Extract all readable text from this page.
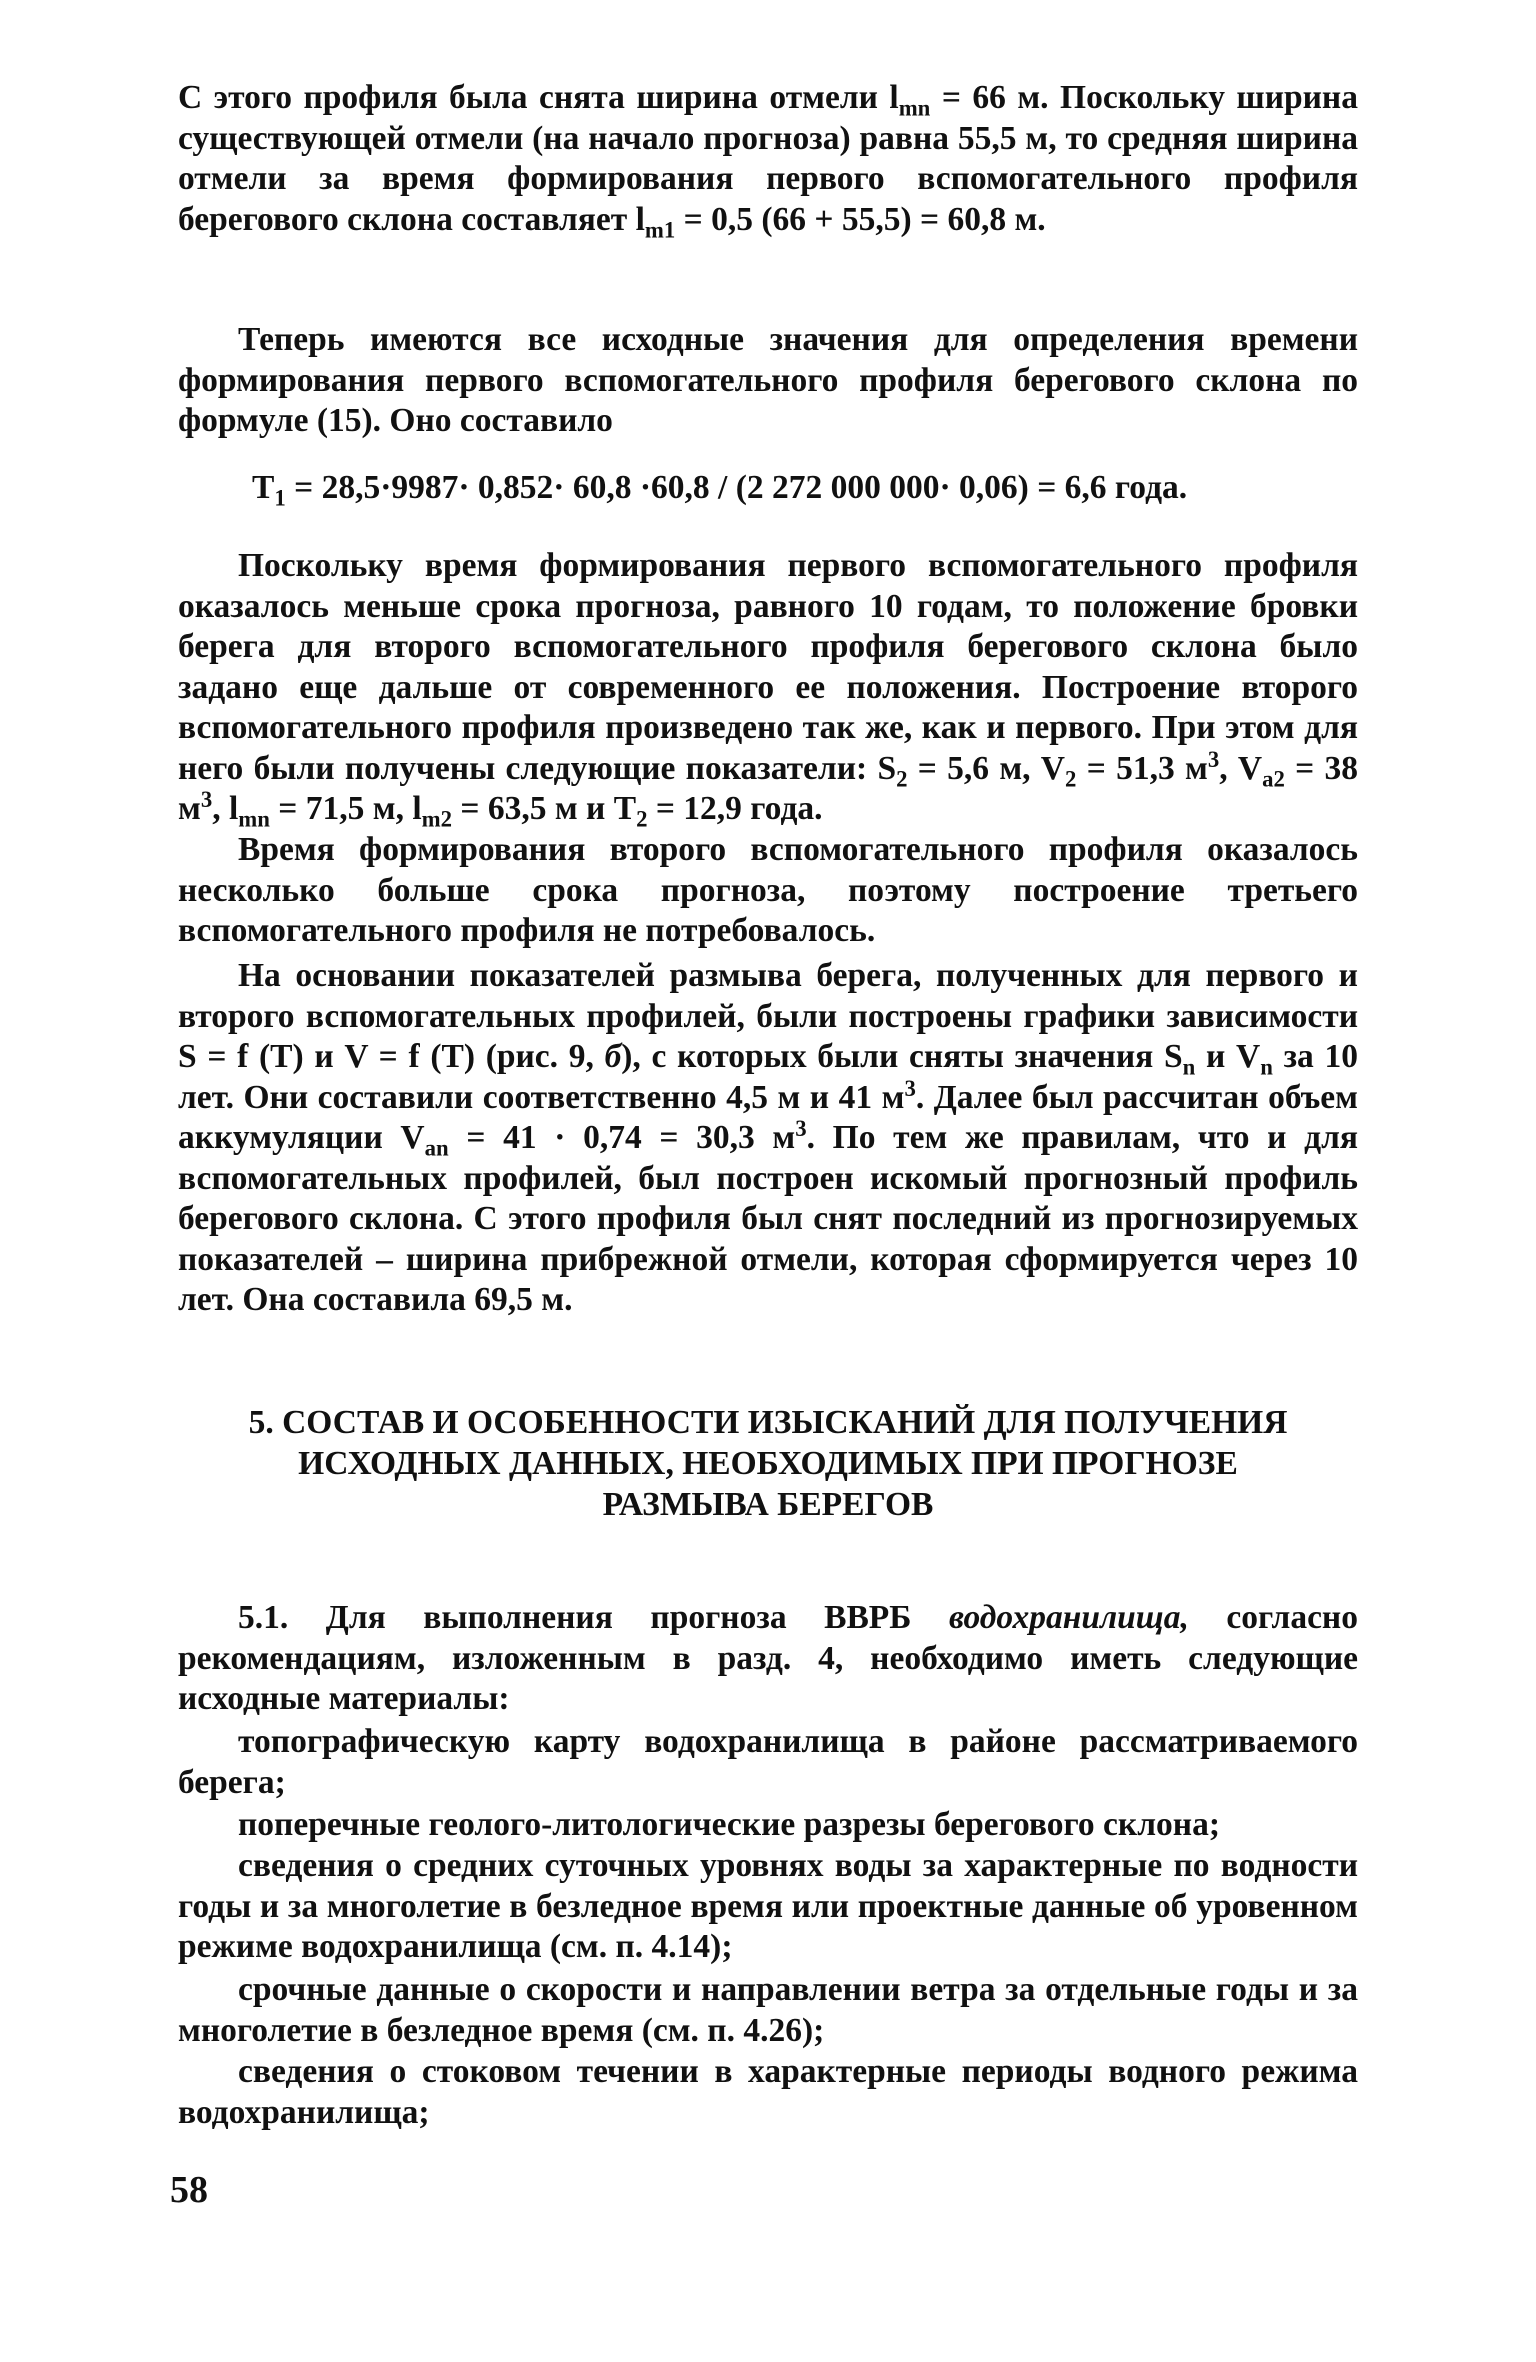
С этого профиля была снята ширина отмели $l_{mn} = 66$ м. Поскольку ширина существующей отмели (на начало прогноза) равна 55,5 м, то средняя ширина отмели за время формирования первого вспомогательного профиля берегового склона составляет $l_{m1} = 0,5$ (66 + 55,5) = 60,8 м.

Теперь имеются все исходные значения для определения времени формирования первого вспомогательного профиля берегового склона по формуле (15). Оно составило

$T_1 = 28,5\cdot 9987\cdot 0,852\cdot 60,8 \cdot 60,8 / (2$ 272 000 000· 0,06) = 6,6 года.

Поскольку время формирования первого вспомогательного профиля оказалось меньше срока прогноза, равного 10 годам, то положение бровки берега для второго вспомогательного профиля берегового склона было задано еще дальше от современного ее положения. Построение второго вспомогательного профиля произведено так же, как и первого. При этом для него были получены следующие показатели: $S_2 = 5,6$ м, $V_2 = 51,3$ $м^3$, $V_{a2} = 38$ $м^3$, $l_{mn} = 71,5$ м, $l_{m2} = 63,5$ м и $T_2 = 12,9$ года.

Время формирования второго вспомогательного профиля оказалось несколько больше срока прогноза, поэтому построение третьего вспомогательного профиля не потребовалось.

На основании показателей размыва берега, полученных для первого и второго вспомогательных профилей, были построены графики зависимости S = f (T) и V = f (T) (рис. 9, б), с которых были сняты значения $S_n$ и $V_n$ за 10 лет. Они составили соответственно 4,5 м и 41 $м^3$. Далее был рассчитан объем аккумуляции $V_{an} = 41 \cdot 0,74 = 30,3$ $м^3$. По тем же правилам, что и для вспомогательных профилей, был построен искомый прогнозный профиль берегового склона. С этого профиля был снят последний из прогнозируемых показателей – ширина прибрежной отмели, которая сформируется через 10 лет. Она составила 69,5 м.

5. СОСТАВ И ОСОБЕННОСТИ ИЗЫСКАНИЙ ДЛЯ ПОЛУЧЕНИЯ
ИСХОДНЫХ ДАННЫХ, НЕОБХОДИМЫХ ПРИ ПРОГНОЗЕ
РАЗМЫВА БЕРЕГОВ

5.1. Для выполнения прогноза ВВРБ водохранилища, согласно рекомендациям, изложенным в разд. 4, необходимо иметь следующие исходные материалы:

топографическую карту водохранилища в районе рассматриваемого берега;

поперечные геолого-литологические разрезы берегового склона;

сведения о средних суточных уровнях воды за характерные по водности годы и за многолетие в безледное время или проектные данные об уровенном режиме водохранилища (см. п. 4.14);

срочные данные о скорости и направлении ветра за отдельные годы и за многолетие в безледное время (см. п. 4.26);

сведения о стоковом течении в характерные периоды водного режима водохранилища;

58
